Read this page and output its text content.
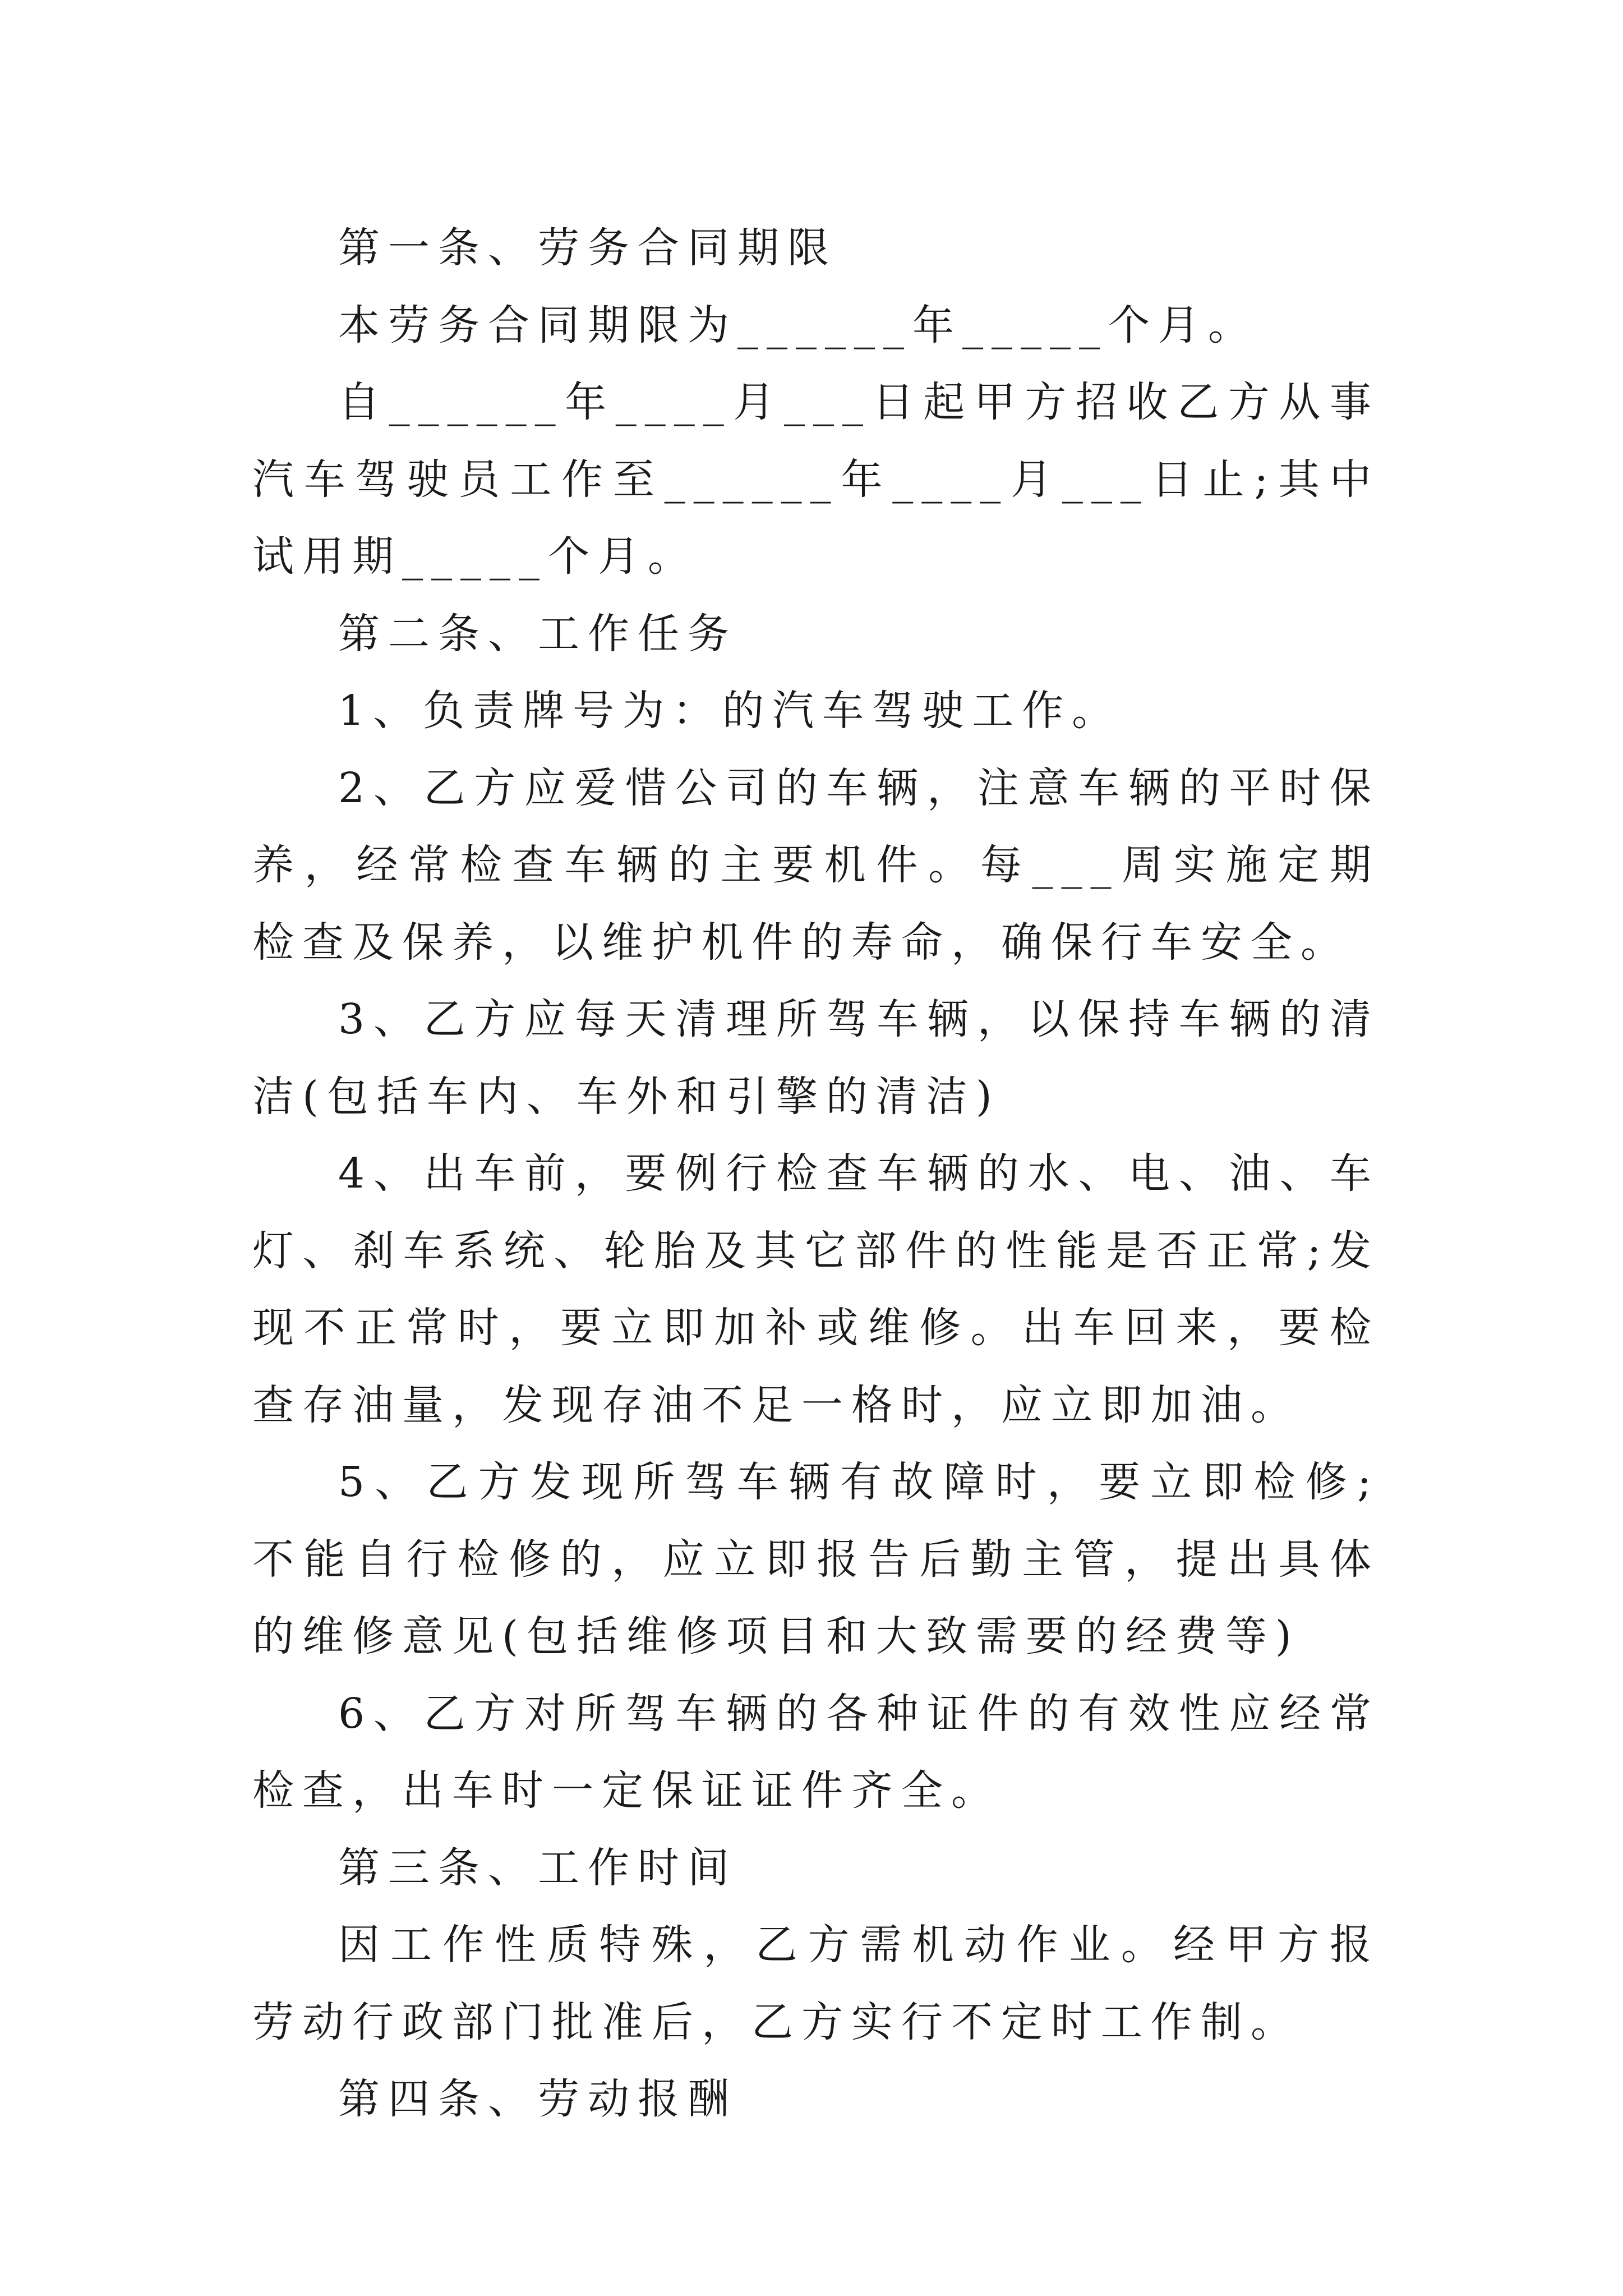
第一条、劳务合同期限

本劳务合同期限为______年_____个月。

自______年____月___日起甲方招收乙方从事汽车驾驶员工作至______年____月___日止;其中试用期_____个月。

第二条、工作任务

1、负责牌号为：的汽车驾驶工作。

2、乙方应爱惜公司的车辆，注意车辆的平时保养，经常检查车辆的主要机件。每___周实施定期检查及保养，以维护机件的寿命，确保行车安全。

3、乙方应每天清理所驾车辆，以保持车辆的清洁(包括车内、车外和引擎的清洁)

4、出车前，要例行检查车辆的水、电、油、车灯、刹车系统、轮胎及其它部件的性能是否正常;发现不正常时，要立即加补或维修。出车回来，要检查存油量，发现存油不足一格时，应立即加油。

5、乙方发现所驾车辆有故障时，要立即检修;不能自行检修的，应立即报告后勤主管，提出具体的维修意见(包括维修项目和大致需要的经费等)

6、乙方对所驾车辆的各种证件的有效性应经常检查，出车时一定保证证件齐全。

第三条、工作时间

因工作性质特殊，乙方需机动作业。经甲方报劳动行政部门批准后，乙方实行不定时工作制。

第四条、劳动报酬
